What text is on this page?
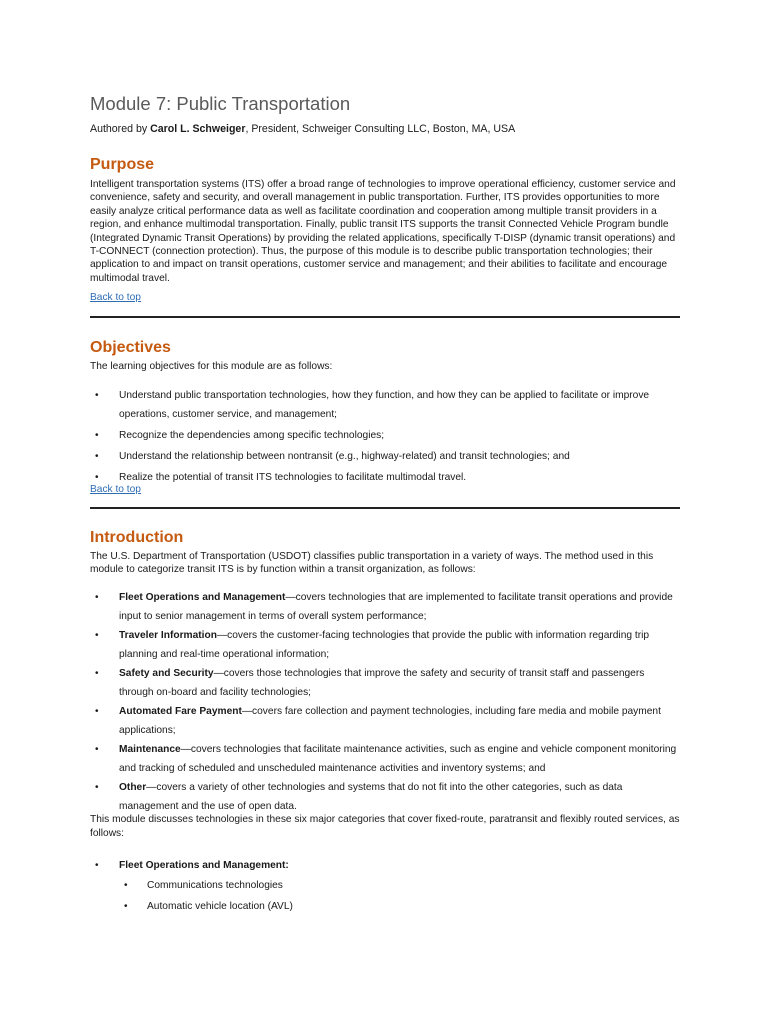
Module 7: Public Transportation

Authored by Carol L. Schweiger, President, Schweiger Consulting LLC, Boston, MA, USA

Purpose

Intelligent transportation systems (ITS) offer a broad range of technologies to improve operational efficiency, customer service and convenience, safety and security, and overall management in public transportation. Further, ITS provides opportunities to more easily analyze critical performance data as well as facilitate coordination and cooperation among multiple transit providers in a region, and enhance multimodal transportation. Finally, public transit ITS supports the transit Connected Vehicle Program bundle (Integrated Dynamic Transit Operations) by providing the related applications, specifically T-DISP (dynamic transit operations) and T-CONNECT (connection protection). Thus, the purpose of this module is to describe public transportation technologies; their application to and impact on transit operations, customer service and management; and their abilities to facilitate and encourage multimodal travel.

Back to top
Objectives

The learning objectives for this module are as follows:

• Understand public transportation technologies, how they function, and how they can be applied to facilitate or improve operations, customer service, and management;
• Recognize the dependencies among specific technologies;
• Understand the relationship between nontransit (e.g., highway-related) and transit technologies; and
• Realize the potential of transit ITS technologies to facilitate multimodal travel.
Back to top
Introduction

The U.S. Department of Transportation (USDOT) classifies public transportation in a variety of ways. The method used in this module to categorize transit ITS is by function within a transit organization, as follows:

• Fleet Operations and Management—covers technologies that are implemented to facilitate transit operations and provide input to senior management in terms of overall system performance;
• Traveler Information—covers the customer-facing technologies that provide the public with information regarding trip planning and real-time operational information;
• Safety and Security—covers those technologies that improve the safety and security of transit staff and passengers through on-board and facility technologies;
• Automated Fare Payment—covers fare collection and payment technologies, including fare media and mobile payment applications;
• Maintenance—covers technologies that facilitate maintenance activities, such as engine and vehicle component monitoring and tracking of scheduled and unscheduled maintenance activities and inventory systems; and
• Other—covers a variety of other technologies and systems that do not fit into the other categories, such as data management and the use of open data.

This module discusses technologies in these six major categories that cover fixed-route, paratransit and flexibly routed services, as follows:

• Fleet Operations and Management:
• Communications technologies
• Automatic vehicle location (AVL)
